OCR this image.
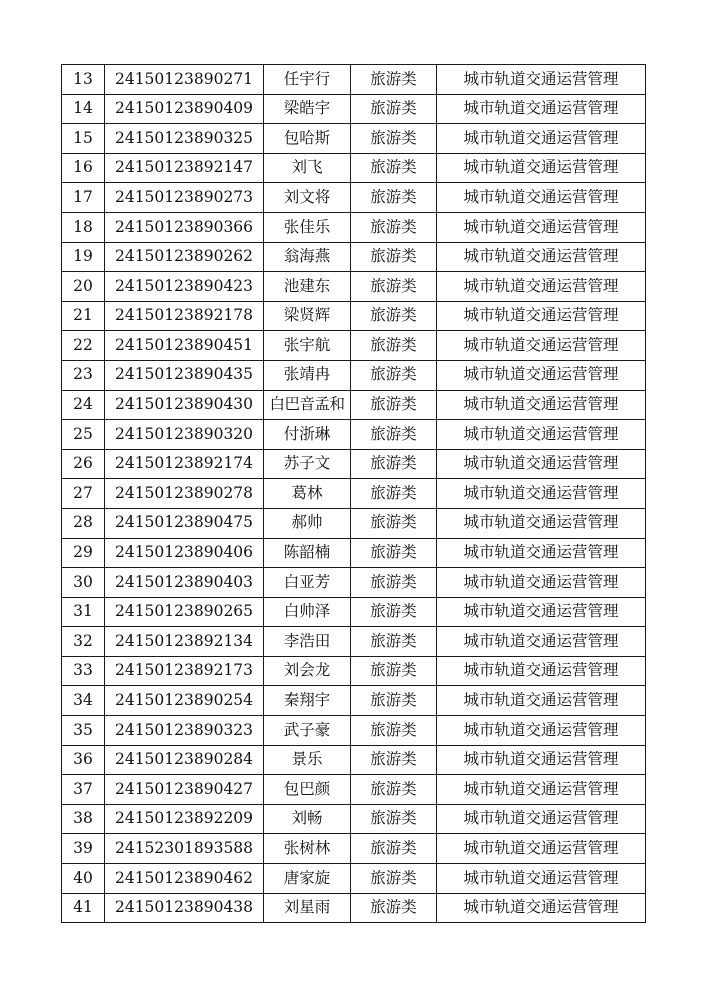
13	24150123890271	任宇行	旅游类	城市轨道交通运营管理
14	24150123890409	梁皓宇	旅游类	城市轨道交通运营管理
15	24150123890325	包哈斯	旅游类	城市轨道交通运营管理
16	24150123892147	刘飞	旅游类	城市轨道交通运营管理
17	24150123890273	刘文将	旅游类	城市轨道交通运营管理
18	24150123890366	张佳乐	旅游类	城市轨道交通运营管理
19	24150123890262	翁海燕	旅游类	城市轨道交通运营管理
20	24150123890423	池建东	旅游类	城市轨道交通运营管理
21	24150123892178	梁贤辉	旅游类	城市轨道交通运营管理
22	24150123890451	张宇航	旅游类	城市轨道交通运营管理
23	24150123890435	张靖冉	旅游类	城市轨道交通运营管理
24	24150123890430	白巴音孟和	旅游类	城市轨道交通运营管理
25	24150123890320	付浙琳	旅游类	城市轨道交通运营管理
26	24150123892174	苏子文	旅游类	城市轨道交通运营管理
27	24150123890278	葛林	旅游类	城市轨道交通运营管理
28	24150123890475	郝帅	旅游类	城市轨道交通运营管理
29	24150123890406	陈韶楠	旅游类	城市轨道交通运营管理
30	24150123890403	白亚芳	旅游类	城市轨道交通运营管理
31	24150123890265	白帅泽	旅游类	城市轨道交通运营管理
32	24150123892134	李浩田	旅游类	城市轨道交通运营管理
33	24150123892173	刘会龙	旅游类	城市轨道交通运营管理
34	24150123890254	秦翔宇	旅游类	城市轨道交通运营管理
35	24150123890323	武子豪	旅游类	城市轨道交通运营管理
36	24150123890284	景乐	旅游类	城市轨道交通运营管理
37	24150123890427	包巴颜	旅游类	城市轨道交通运营管理
38	24150123892209	刘畅	旅游类	城市轨道交通运营管理
39	24152301893588	张树林	旅游类	城市轨道交通运营管理
40	24150123890462	唐家旋	旅游类	城市轨道交通运营管理
41	24150123890438	刘星雨	旅游类	城市轨道交通运营管理
